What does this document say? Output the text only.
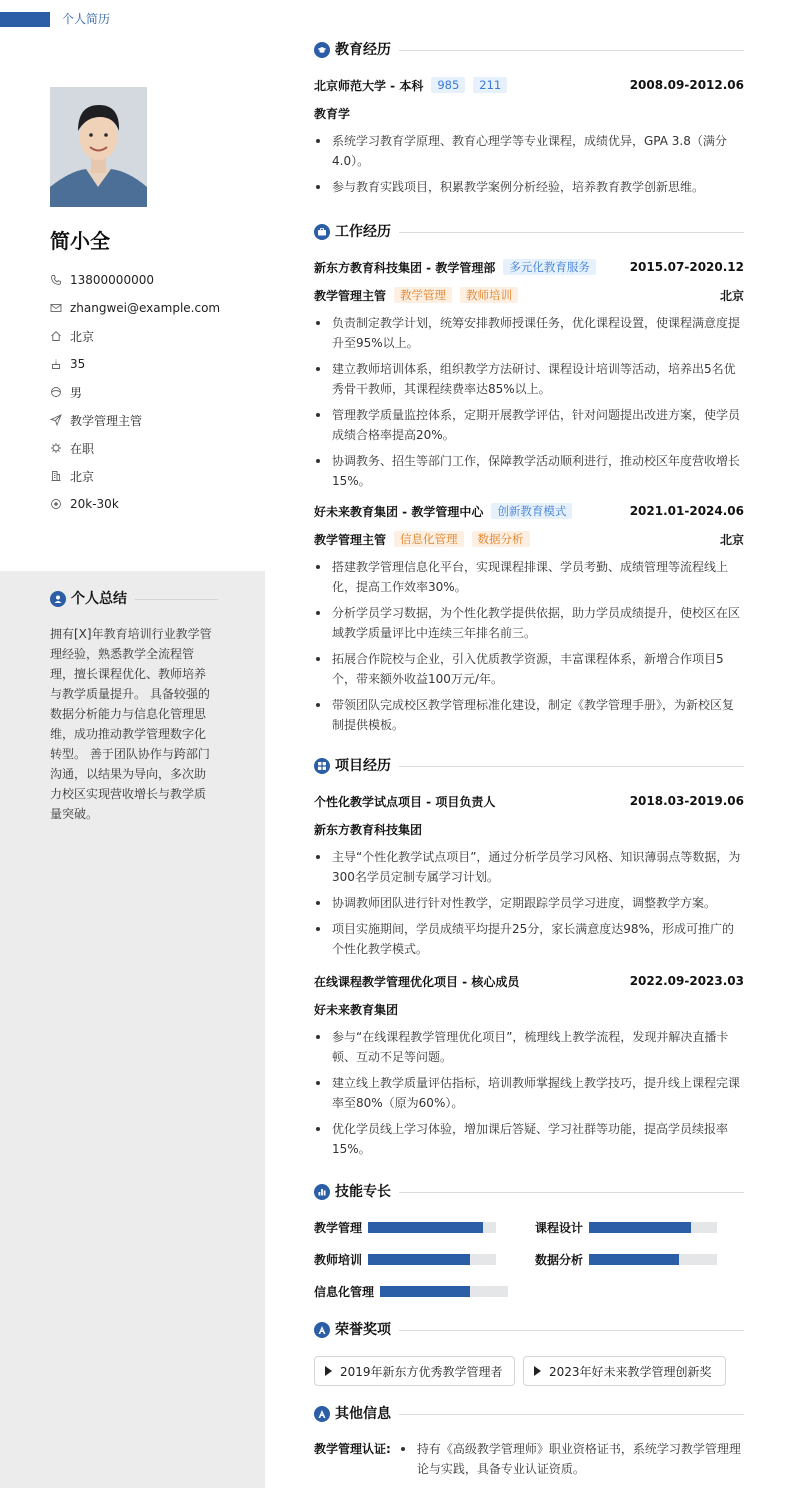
个人简历
简小全
13800000000
zhangwei@example.com
北京
35
男
教学管理主管
在职
北京
20k-30k
个人总结
拥有[X]年教育培训行业教学管理经验，熟悉教学全流程管理，擅长课程优化、教师培养与教学质量提升。 具备较强的数据分析能力与信息化管理思维，成功推动教学管理数字化转型。 善于团队协作与跨部门沟通，以结果为导向，多次助力校区实现营收增长与教学质量突破。
教育经历
北京师范大学 - 本科	985	211	2008.09-2012.06
教育学
系统学习教育学原理、教育心理学等专业课程，成绩优异，GPA 3.8（满分4.0）。
参与教育实践项目，积累教学案例分析经验，培养教育教学创新思维。
工作经历
新东方教育科技集团 - 教学管理部	多元化教育服务	2015.07-2020.12
教学管理主管	教学管理	教师培训	北京
负责制定教学计划，统筹安排教师授课任务，优化课程设置，使课程满意度提升至95%以上。
建立教师培训体系，组织教学方法研讨、课程设计培训等活动，培养出5名优秀骨干教师，其课程续费率达85%以上。
管理教学质量监控体系，定期开展教学评估，针对问题提出改进方案，使学员成绩合格率提高20%。
协调教务、招生等部门工作，保障教学活动顺利进行，推动校区年度营收增长15%。
好未来教育集团 - 教学管理中心	创新教育模式	2021.01-2024.06
教学管理主管	信息化管理	数据分析	北京
搭建教学管理信息化平台，实现课程排课、学员考勤、成绩管理等流程线上化，提高工作效率30%。
分析学员学习数据，为个性化教学提供依据，助力学员成绩提升，使校区在区域教学质量评比中连续三年排名前三。
拓展合作院校与企业，引入优质教学资源，丰富课程体系，新增合作项目5个，带来额外收益100万元/年。
带领团队完成校区教学管理标准化建设，制定《教学管理手册》，为新校区复制提供模板。
项目经历
个性化教学试点项目 - 项目负责人	2018.03-2019.06
新东方教育科技集团
主导“个性化教学试点项目”，通过分析学员学习风格、知识薄弱点等数据，为300名学员定制专属学习计划。
协调教师团队进行针对性教学，定期跟踪学员学习进度，调整教学方案。
项目实施期间，学员成绩平均提升25分，家长满意度达98%，形成可推广的个性化教学模式。
在线课程教学管理优化项目 - 核心成员	2022.09-2023.03
好未来教育集团
参与“在线课程教学管理优化项目”，梳理线上教学流程，发现并解决直播卡顿、互动不足等问题。
建立线上教学质量评估指标，培训教师掌握线上教学技巧，提升线上课程完课率至80%（原为60%）。
优化学员线上学习体验，增加课后答疑、学习社群等功能，提高学员续报率15%。
技能专长
教学管理	课程设计
教师培训	数据分析
信息化管理
荣誉奖项
其他信息
教学管理认证:	持有《高级教学管理师》职业资格证书，系统学习教学管理理论与实践，具备专业认证资质。
2019年新东方优秀教学管理者	2023年好未来教学管理创新奖
